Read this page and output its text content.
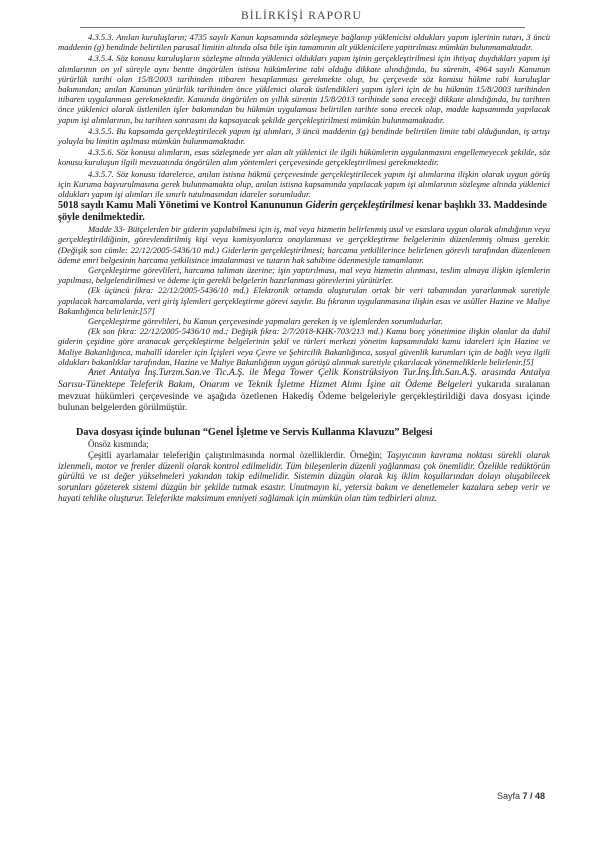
BİLİRKİŞİ RAPORU

4.3.5.3. Anılan kuruluşların; 4735 sayılı Kanun kapsamında sözleşmeye bağlanıp yüklenicisi oldukları yapım işlerinin tutarı, 3 üncü maddenin (g) bendinde belirtilen parasal limitin altında olsa bile işin tamamının alt yüklenicilere yaptırılması mümkün bulunmamaktadır.

4.3.5.4. Söz konusu kuruluşların sözleşme altında yüklenici oldukları yapım işinin gerçekleştirilmesi için ihtiyaç duydukları yapım işi alımlarının on yıl süreyle aynı bentte öngörülen istisna hükümlerine tabi olduğu dikkate alındığında, bu sürenin, 4964 sayılı Kanunun yürürlük tarihi olan 15/8/2003 tarihinden itibaren hesaplanması gerekmekte olup, bu çerçevede söz konusu hükme tabi kuruluşlar bakımından; anılan Kanunun yürürlük tarihinden önce yüklenici olarak üstlendikleri yapım işleri için de bu hükmün 15/8/2003 tarihinden itibaren uygulanması gerekmektedir. Kanunda öngörülen on yıllık sürenin 15/8/2013 tarihinde sona ereceği dikkate alındığında, bu tarihten önce yüklenici olarak üstlenilen işler bakımından bu hükmün uygulaması belirtilen tarihte sona erecek olup, madde kapsamında yapılacak yapım işi alımlarının, bu tarihten sonrasını da kapsayacak şekilde gerçekleştirilmesi mümkün bulunmamaktadır.

4.3.5.5. Bu kapsamda gerçekleştirilecek yapım işi alımları, 3 üncü maddenin (g) bendinde belirtilen limite tabi olduğundan, iş artışı yoluyla bu limitin aşılması mümkün bulunmamaktadır.

4.3.5.6. Söz konusu alımların, esas sözleşmede yer alan alt yüklenici ile ilgili hükümlerin uygulanmasını engellemeyecek şekilde, söz konusu kuruluşun ilgili mevzuatında öngörülen alım yöntemleri çerçevesinde gerçekleştirilmesi gerekmektedir.

4.3.5.7. Söz konusu idarelerce, anılan istisna hükmü çerçevesinde gerçekleştirilecek yapım işi alımlarına ilişkin olarak uygun görüş için Kuruma başvurulmasına gerek bulunmamakta olup, anılan istisna kapsamında yapılacak yapım işi alımlarının sözleşme altında yüklenici oldukları yapım işi alımları ile sınırlı tutulmasından idareler sorumludur.

5018 sayılı Kamu Mali Yönetimi ve Kontrol Kanununun Giderin gerçekleştirilmesi kenar başlıklı 33. Maddesinde şöyle denilmektedir.

Madde 33- Bütçelerden bir giderin yapılabilmesi için iş, mal veya hizmetin belirlenmiş usul ve esaslara uygun olarak alındığının veya gerçekleştirildiğinin, görevlendirilmiş kişi veya komisyonlarca onaylanması ve gerçekleştirme belgelerinin düzenlenmiş olması gerekir. (Değişik son cümle: 22/12/2005-5436/10 md.) Giderlerin gerçekleştirilmesi; harcama yetkililerince belirlenen görevli tarafından düzenlenen ödeme emri belgesinin harcama yetkilisince imzalanması ve tutarın hak sahibine ödenmesiyle tamamlanır.

Gerçekleştirme görevlileri, harcama talimatı üzerine; işin yaptırılması, mal veya hizmetin alınması, teslim almaya ilişkin işlemlerin yapılması, belgelendirilmesi ve ödeme için gerekli belgelerin hazırlanması görevlerini yürütürler.

(Ek üçüncü fıkra: 22/12/2005-5436/10 md.) Elektronik ortamda oluşturulan ortak bir veri tabanından yararlanmak suretiyle yapılacak harcamalarda, veri giriş işlemleri gerçekleştirme görevi sayılır. Bu fıkranın uygulanmasına ilişkin esas ve usûller Hazine ve Maliye Bakanlığınca belirlenir.[57]

Gerçekleştirme görevlileri, bu Kanun çerçevesinde yapmaları gereken iş ve işlemlerden sorumludurlar.

(Ek son fıkra: 22/12/2005-5436/10 md.; Değişik fıkra: 2/7/2018-KHK-703/213 md.) Kamu borç yönetimine ilişkin olanlar da dahil giderin çeşidine göre aranacak gerçekleştirme belgelerinin şekil ve türleri merkezi yönetim kapsamındaki kamu idareleri için Hazine ve Maliye Bakanlığınca, mahallî idareler için İçişleri veya Çevre ve Şehircilik Bakanlığınca, sosyal güvenlik kurumları için de bağlı veya ilgili oldukları bakanlıklar tarafından, Hazine ve Maliye Bakanlığının uygun görüşü alınmak suretiyle çıkarılacak yönetmeliklerle belirlenir.[5]

Anet Antalya İnş.Turzm.San.ve Tic.A.Ş. ile Mega Tower Çelik Konstrüksiyon Tur.İnş.İth.San.A.Ş. arasında Antalya Sarısu-Tünektepe Teleferik Bakım, Onarım ve Teknik İşletme Hizmet Alımı İşine ait Ödeme Belgeleri yukarıda sıralanan mevzuat hükümleri çerçevesinde ve aşağıda özetlenen Hakediş Ödeme belgeleriyle gerçekleştirildiği dava dosyası içinde bulunan belgelerden görülmüştür.

Dava dosyası içinde bulunan “Genel İşletme ve Servis Kullanma Klavuzu” Belgesi

Önsöz kısmında;

Çeşitli ayarlamalar teleferiğin çalıştırılmasında normal özelliklerdir. Örneğin; Taşıyıcının kavrama noktası sürekli olarak izlenmeli, motor ve frenler düzenli olarak kontrol edilmelidir. Tüm bileşenlerin düzenli yağlanması çok önemlidir. Özelikle redüktörün gürültü ve ısı değer yükselmeleri yakından takip edilmelidir. Sistemin düzgün olarak kış iklim koşullarından dolayı oluşabilecek sorunları gözeterek sistemi düzgün bir şekilde tutmak esastır. Unutmayın ki, yetersiz bakım ve denetlemeler kazalara sebep verir ve hayati tehlike oluşturur. Teleferikte maksimum emniyeti sağlamak için mümkün olan tüm tedbirleri alınız.

Sayfa 7 / 48
